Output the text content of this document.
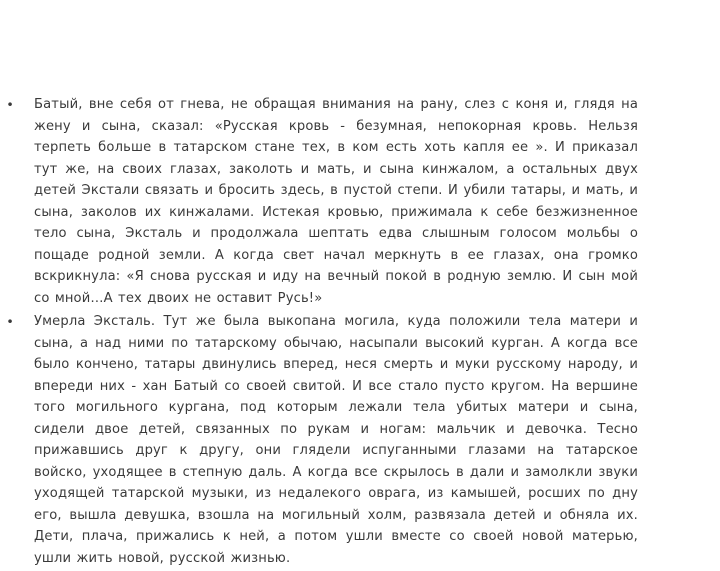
•	Батый, вне себя от гнева, не обращая внимания на рану, слез с коня и, глядя на жену и сына, сказал: «Русская кровь - безумная, непокорная кровь. Нельзя терпеть больше в татарском стане тех, в ком есть хоть капля ее ». И приказал тут же, на своих глазах, заколоть и мать, и сына кинжалом, а остальных двух детей Экстали связать и бросить здесь, в пустой степи. И убили татары, и мать, и сына, заколов их кинжалами. Истекая кровью, прижимала к себе безжизненное тело сына, Эксталь и продолжала шептать едва слышным голосом мольбы о пощаде родной земли. А когда свет начал меркнуть в ее глазах, она громко вскрикнула: «Я снова русская и иду на вечный покой в родную землю. И сын мой со мной…А тех двоих не оставит Русь!»
•	Умерла Эксталь. Тут же была выкопана могила, куда положили тела матери и сына, а над ними по татарскому обычаю, насыпали высокий курган. А когда все было кончено, татары двинулись вперед, неся смерть и муки русскому народу, и впереди них - хан Батый со своей свитой. И все стало пусто кругом. На вершине того могильного кургана, под которым лежали тела убитых матери и сына, сидели двое детей, связанных по рукам и ногам: мальчик и девочка. Тесно прижавшись друг к другу, они глядели испуганными глазами на татарское войско, уходящее в степную даль. А когда все скрылось в дали и замолкли звуки уходящей татарской музыки, из недалекого оврага, из камышей, росших по дну его, вышла девушка, взошла на могильный холм, развязала детей и обняла их. Дети, плача, прижались к ней, а потом ушли вместе со своей новой матерью, ушли жить новой, русской жизнью.
